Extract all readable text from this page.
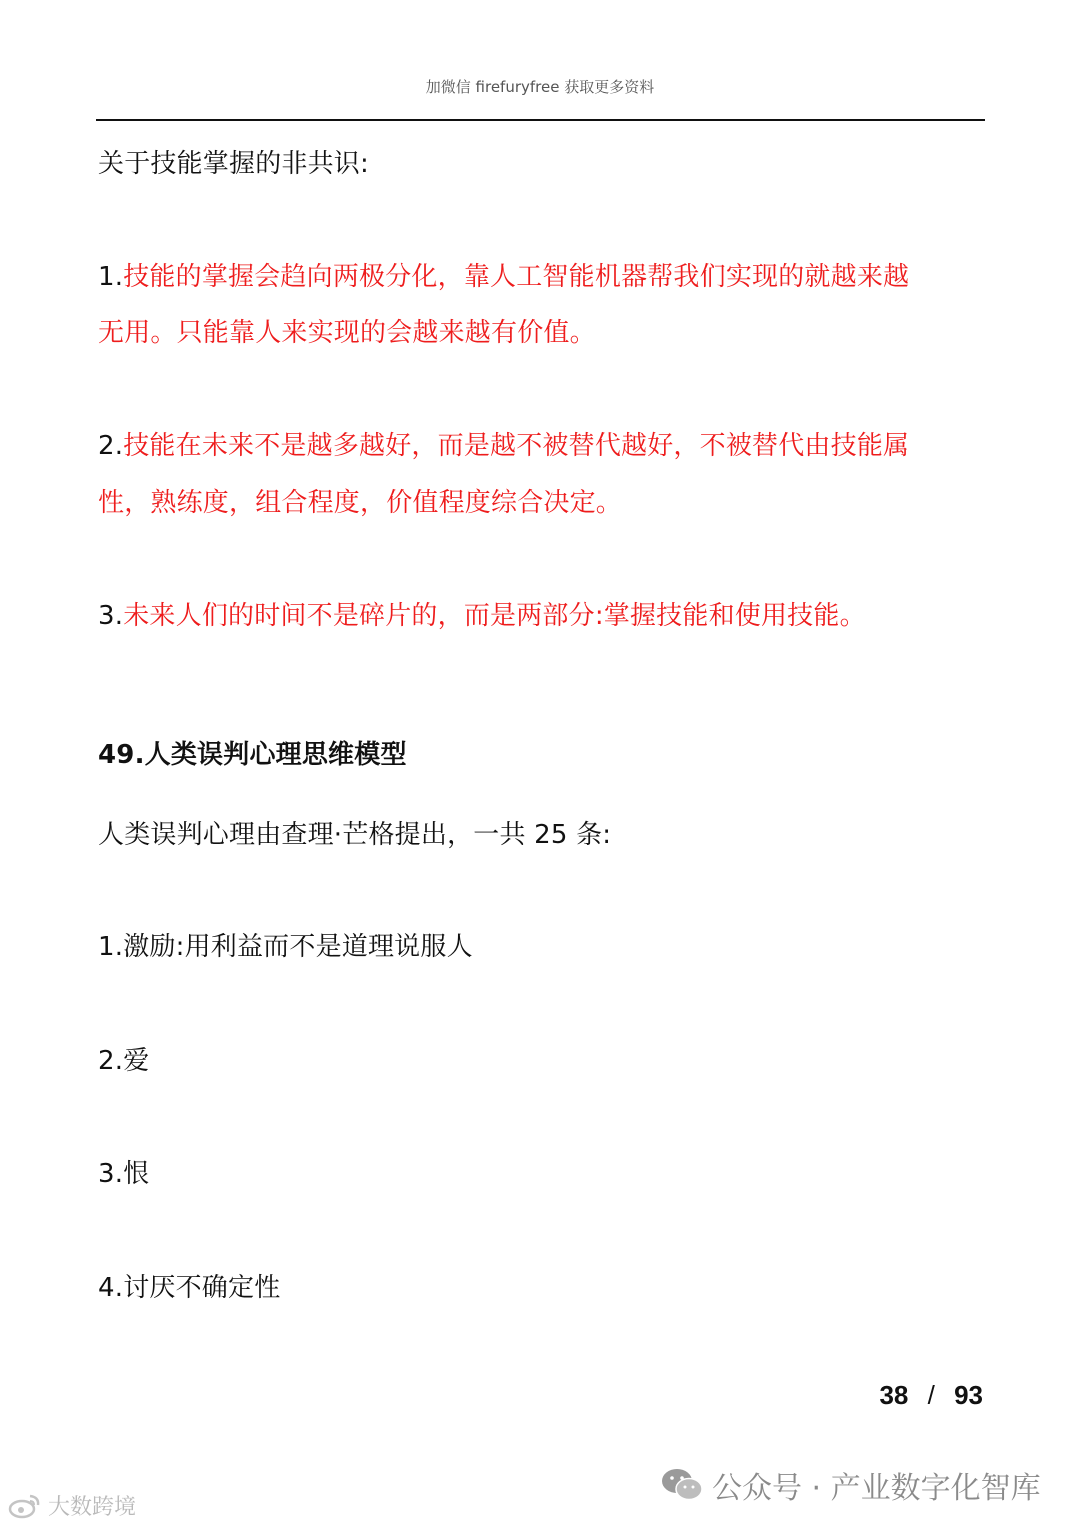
加微信 firefuryfree 获取更多资料
关于技能掌握的非共识:
1.技能的掌握会趋向两极分化，靠人工智能机器帮我们实现的就越来越
无用。只能靠人来实现的会越来越有价值。
2.技能在未来不是越多越好，而是越不被替代越好，不被替代由技能属
性，熟练度，组合程度，价值程度综合决定。
3.未来人们的时间不是碎片的，而是两部分:掌握技能和使用技能。
49.人类误判心理思维模型
人类误判心理由查理·芒格提出，一共 25 条:
1.激励:用利益而不是道理说服人
2.爱
3.恨
4.讨厌不确定性
38 / 93
公众号 · 产业数字化智库
大数跨境
